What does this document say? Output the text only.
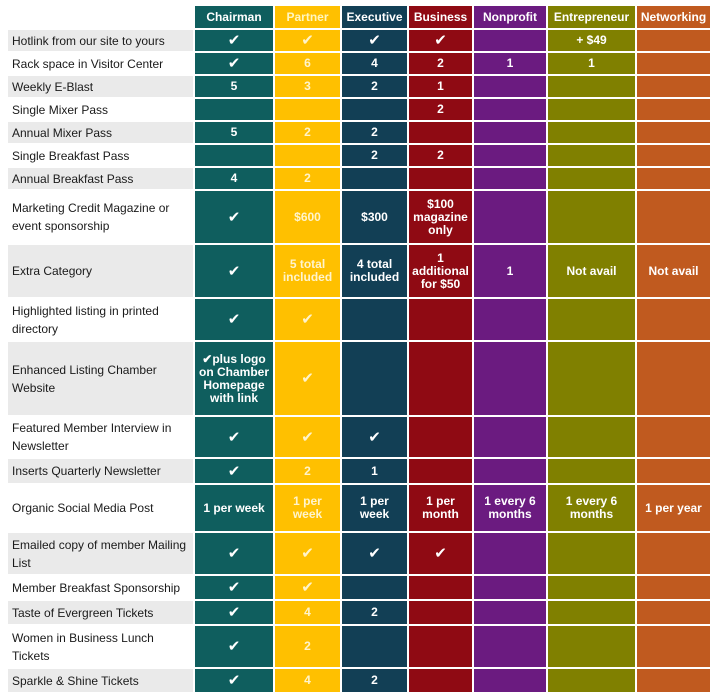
	Chairman	Partner	Executive	Business	Nonprofit	Entrepreneur	Networking
Hotlink from our site to yours	✔	✔	✔	✔		+ $49	
Rack space in Visitor Center	✔	6	4	2	1	1	
Weekly E-Blast	5	3	2	1			
Single Mixer Pass				2			
Annual Mixer Pass	5	2	2				
Single Breakfast Pass			2	2			
Annual Breakfast Pass	4	2					
Marketing Credit Magazine or event sponsorship	✔	$600	$300	$100 magazine only			
Extra Category	✔	5 total included	4 total included	1 additional for $50	1	Not avail	Not avail
Highlighted listing in printed directory	✔	✔					
Enhanced Listing Chamber Website	✔plus logo on Chamber Homepage with link	✔					
Featured Member Interview in Newsletter	✔	✔	✔				
Inserts Quarterly Newsletter	✔	2	1				
Organic Social Media Post	1 per week	1 per week	1 per week	1 per month	1 every 6 months	1 every 6 months	1 per year
Emailed copy of member Mailing List	✔	✔	✔	✔			
Member Breakfast Sponsorship	✔	✔					
Taste of Evergreen Tickets	✔	4	2				
Women in Business Lunch Tickets	✔	2					
Sparkle & Shine Tickets	✔	4	2				
